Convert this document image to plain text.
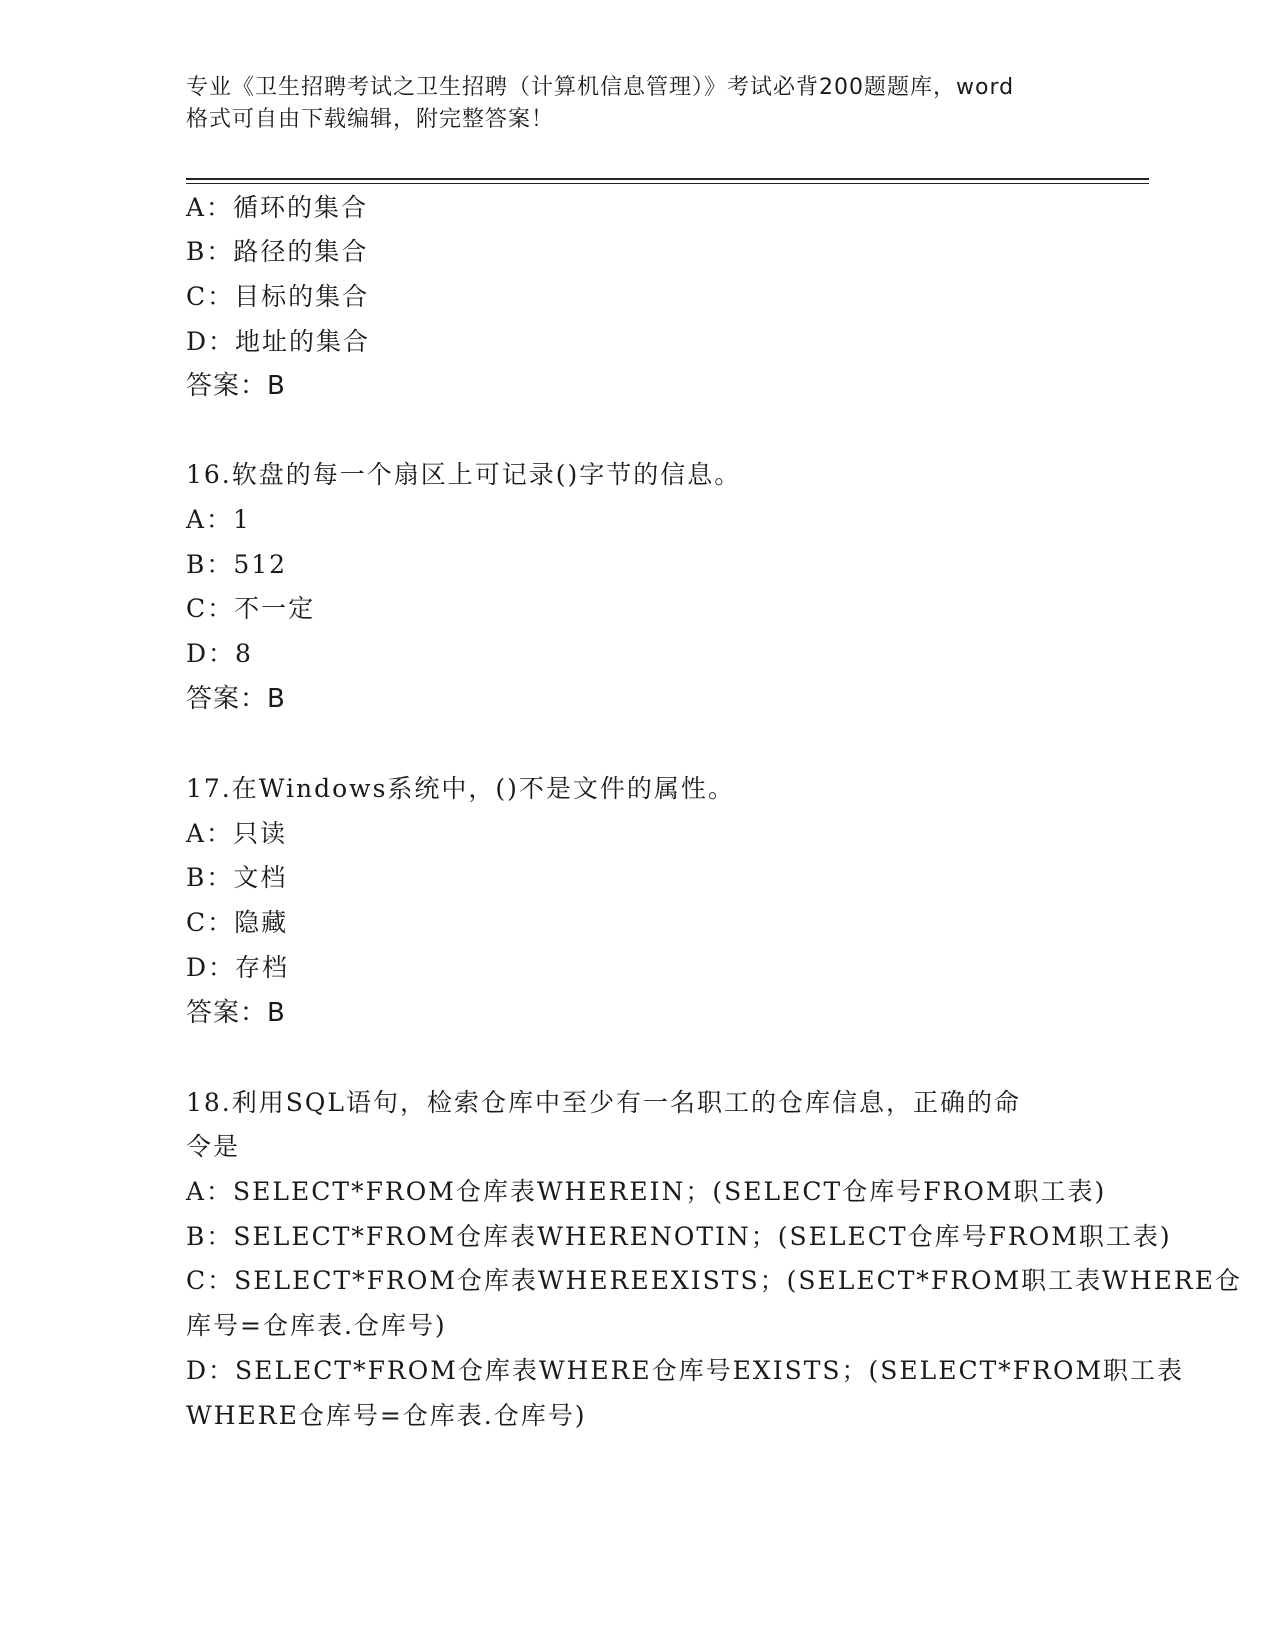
专业《卫生招聘考试之卫生招聘（计算机信息管理）》考试必背200题题库，word
格式可自由下载编辑，附完整答案！
A：循环的集合
B：路径的集合
C：目标的集合
D：地址的集合
答案：B
16.软盘的每一个扇区上可记录()字节的信息。
A：1
B：512
C：不一定
D：8
答案：B
17.在Windows系统中，()不是文件的属性。
A：只读
B：文档
C：隐藏
D：存档
答案：B
18.利用SQL语句，检索仓库中至少有一名职工的仓库信息，正确的命
令是
A：SELECT*FROM仓库表WHEREIN；(SELECT仓库号FROM职工表)
B：SELECT*FROM仓库表WHERENOTIN；(SELECT仓库号FROM职工表)
C：SELECT*FROM仓库表WHEREEXISTS；(SELECT*FROM职工表WHERE仓
库号=仓库表.仓库号)
D：SELECT*FROM仓库表WHERE仓库号EXISTS；(SELECT*FROM职工表
WHERE仓库号=仓库表.仓库号)
